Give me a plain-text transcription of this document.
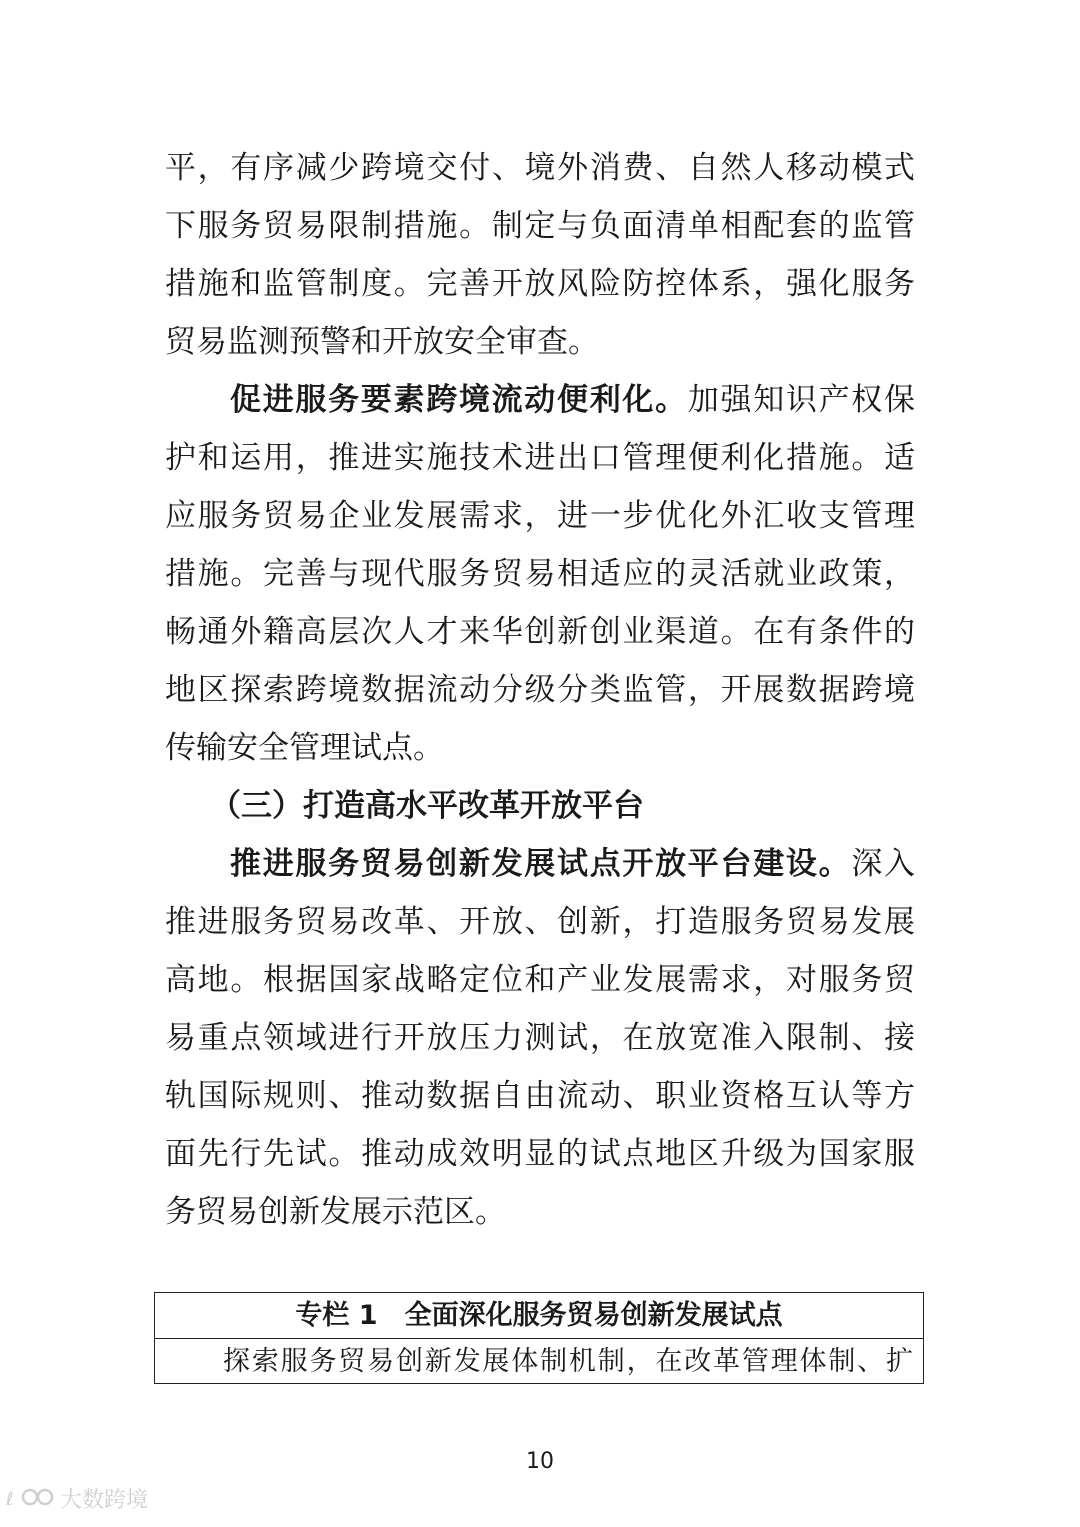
平，有序减少跨境交付、境外消费、自然人移动模式
下服务贸易限制措施。制定与负面清单相配套的监管
措施和监管制度。完善开放风险防控体系，强化服务
贸易监测预警和开放安全审查。
促进服务要素跨境流动便利化。加强知识产权保
护和运用，推进实施技术进出口管理便利化措施。适
应服务贸易企业发展需求，进一步优化外汇收支管理
措施。完善与现代服务贸易相适应的灵活就业政策，
畅通外籍高层次人才来华创新创业渠道。在有条件的
地区探索跨境数据流动分级分类监管，开展数据跨境
传输安全管理试点。
（三）打造高水平改革开放平台
推进服务贸易创新发展试点开放平台建设。深入
推进服务贸易改革、开放、创新，打造服务贸易发展
高地。根据国家战略定位和产业发展需求，对服务贸
易重点领域进行开放压力测试，在放宽准入限制、接
轨国际规则、推动数据自由流动、职业资格互认等方
面先行先试。推动成效明显的试点地区升级为国家服
务贸易创新发展示范区。
专栏 1　全面深化服务贸易创新发展试点
探索服务贸易创新发展体制机制，在改革管理体制、扩
10
ℓ 大数跨境
